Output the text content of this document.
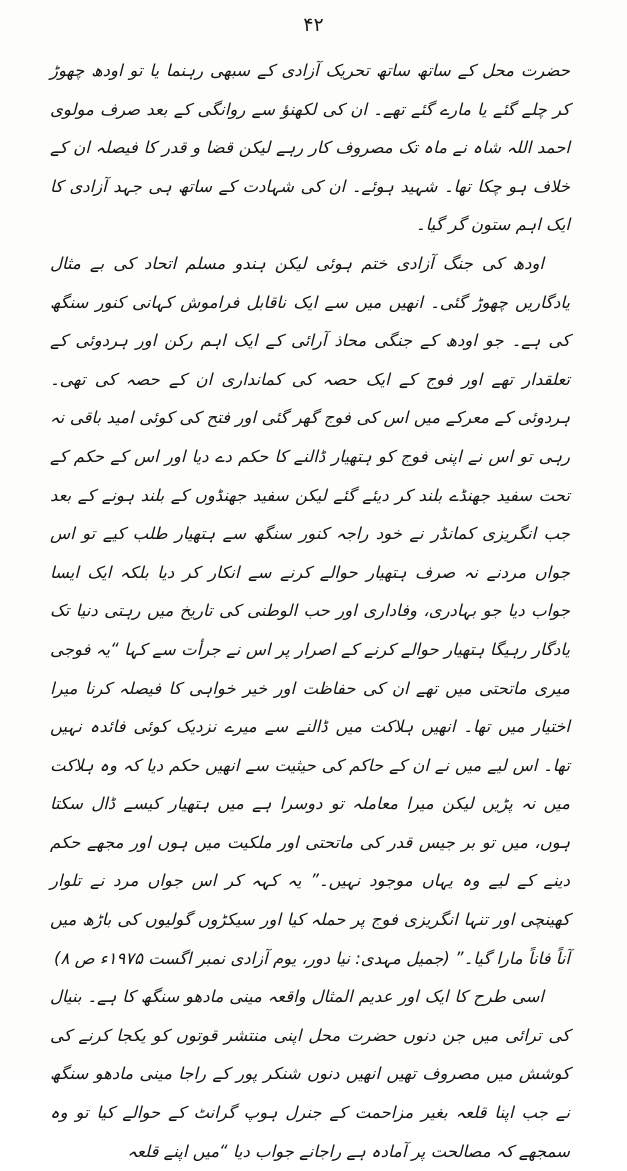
۴۲

حضرت محل کے ساتھ ساتھ تحریک آزادی کے سبھی رہنما یا تو اودھ چھوڑ کر چلے گئے یا مارے گئے تھے۔ ان کی لکھنؤ سے روانگی کے بعد صرف مولوی احمد اللہ شاہ نے ماہ تک مصروف کار رہے لیکن قضا و قدر کا فیصلہ ان کے خلاف ہو چکا تھا۔ شہید ہوئے۔ ان کی شہادت کے ساتھ ہی جہد آزادی کا ایک اہم ستون گر گیا۔

اودھ کی جنگ آزادی ختم ہوئی لیکن ہندو مسلم اتحاد کی بے مثال یادگاریں چھوڑ گئی۔ انھیں میں سے ایک ناقابل فراموش کہانی کنور سنگھ کی ہے۔ جو اودھ کے جنگی محاذ آرائی کے ایک اہم رکن اور ہردوئی کے تعلقدار تھے اور فوج کے ایک حصہ کی کمانداری ان کے حصہ کی تھی۔ ہردوئی کے معرکے میں اس کی فوج گھر گئی اور فتح کی کوئی امید باقی نہ رہی تو اس نے اپنی فوج کو ہتھیار ڈالنے کا حکم دے دیا اور اس کے حکم کے تحت سفید جھنڈے بلند کر دیئے گئے لیکن سفید جھنڈوں کے بلند ہونے کے بعد جب انگریزی کمانڈر نے خود راجہ کنور سنگھ سے ہتھیار طلب کیے تو اس جواں مردنے نہ صرف ہتھیار حوالے کرنے سے انکار کر دیا بلکہ ایک ایسا جواب دیا جو بہادری، وفاداری اور حب الوطنی کی تاریخ میں رہتی دنیا تک یادگار رہیگا ہتھیار حوالے کرنے کے اصرار پر اس نے جرأت سے کہا “یہ فوجی میری ماتحتی میں تھے ان کی حفاظت اور خیر خواہی کا فیصلہ کرنا میرا اختیار میں تھا۔ انھیں ہلاکت میں ڈالنے سے میرے نزدیک کوئی فائدہ نہیں تھا۔ اس لیے میں نے ان کے حاکم کی حیثیت سے انھیں حکم دیا کہ وہ ہلاکت میں نہ پڑیں لیکن میرا معاملہ تو دوسرا ہے میں ہتھیار کیسے ڈال سکتا ہوں، میں تو بر جیس قدر کی ماتحتی اور ملکیت میں ہوں اور مجھے حکم دینے کے لیے وہ یہاں موجود نہیں۔” یہ کہہ کر اس جواں مرد نے تلوار کھینچی اور تنہا انگریزی فوج پر حملہ کیا اور سیکڑوں گولیوں کی باڑھ میں آناً فاناً مارا گیا۔” (جمیل مہدی: نیا دور، یوم آزادی نمبر اگست ۱۹۷۵ء ص ۸)

اسی طرح کا ایک اور عدیم المثال واقعہ مینی مادھو سنگھ کا ہے۔ بنیال کی ترائی میں جن دنوں حضرت محل اپنی منتشر قوتوں کو یکجا کرنے کی کوشش میں مصروف تھیں انھیں دنوں شنکر پور کے راجا مینی مادھو سنگھ نے جب اپنا قلعہ بغیر مزاحمت کے جنرل ہوپ گرانٹ کے حوالے کیا تو وہ سمجھے کہ مصالحت پر آمادہ ہے راجانے جواب دیا “میں اپنے قلعہ
